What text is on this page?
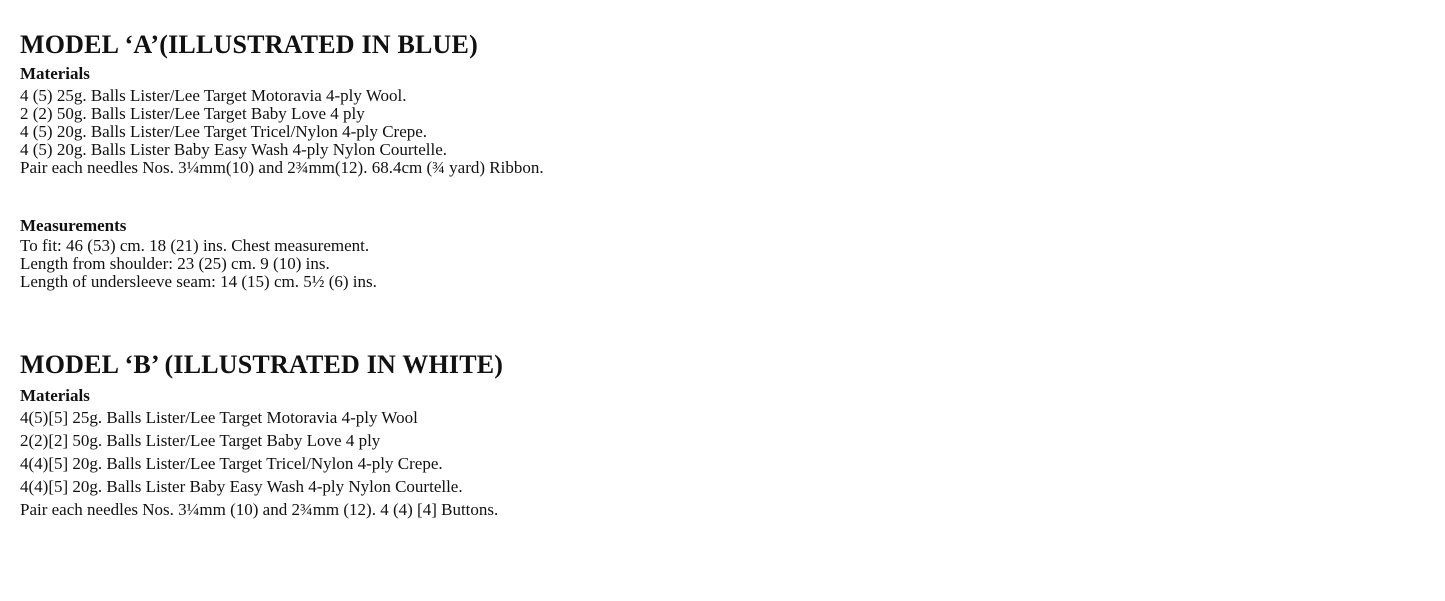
MODEL ‘A’(ILLUSTRATED IN BLUE)
Materials
4 (5) 25g. Balls Lister/Lee Target Motoravia 4-ply Wool.
2 (2) 50g. Balls Lister/Lee Target Baby Love 4 ply
4 (5) 20g. Balls Lister/Lee Target Tricel/Nylon 4-ply Crepe.
4 (5) 20g. Balls Lister Baby Easy Wash 4-ply Nylon Courtelle.
Pair each needles Nos. 3¼mm(10) and 2¾mm(12). 68.4cm (¾ yard) Ribbon.
Measurements
To fit: 46 (53) cm. 18 (21) ins. Chest measurement.
Length from shoulder: 23 (25) cm. 9 (10) ins.
Length of undersleeve seam: 14 (15) cm. 5½ (6) ins.
MODEL ‘B’ (ILLUSTRATED IN WHITE)
Materials
4(5)[5] 25g. Balls Lister/Lee Target Motoravia 4-ply Wool
2(2)[2] 50g. Balls Lister/Lee Target Baby Love 4 ply
4(4)[5] 20g. Balls Lister/Lee Target Tricel/Nylon 4-ply Crepe.
4(4)[5] 20g. Balls Lister Baby Easy Wash 4-ply Nylon Courtelle.
Pair each needles Nos. 3¼mm (10) and 2¾mm (12). 4 (4) [4] Buttons.
